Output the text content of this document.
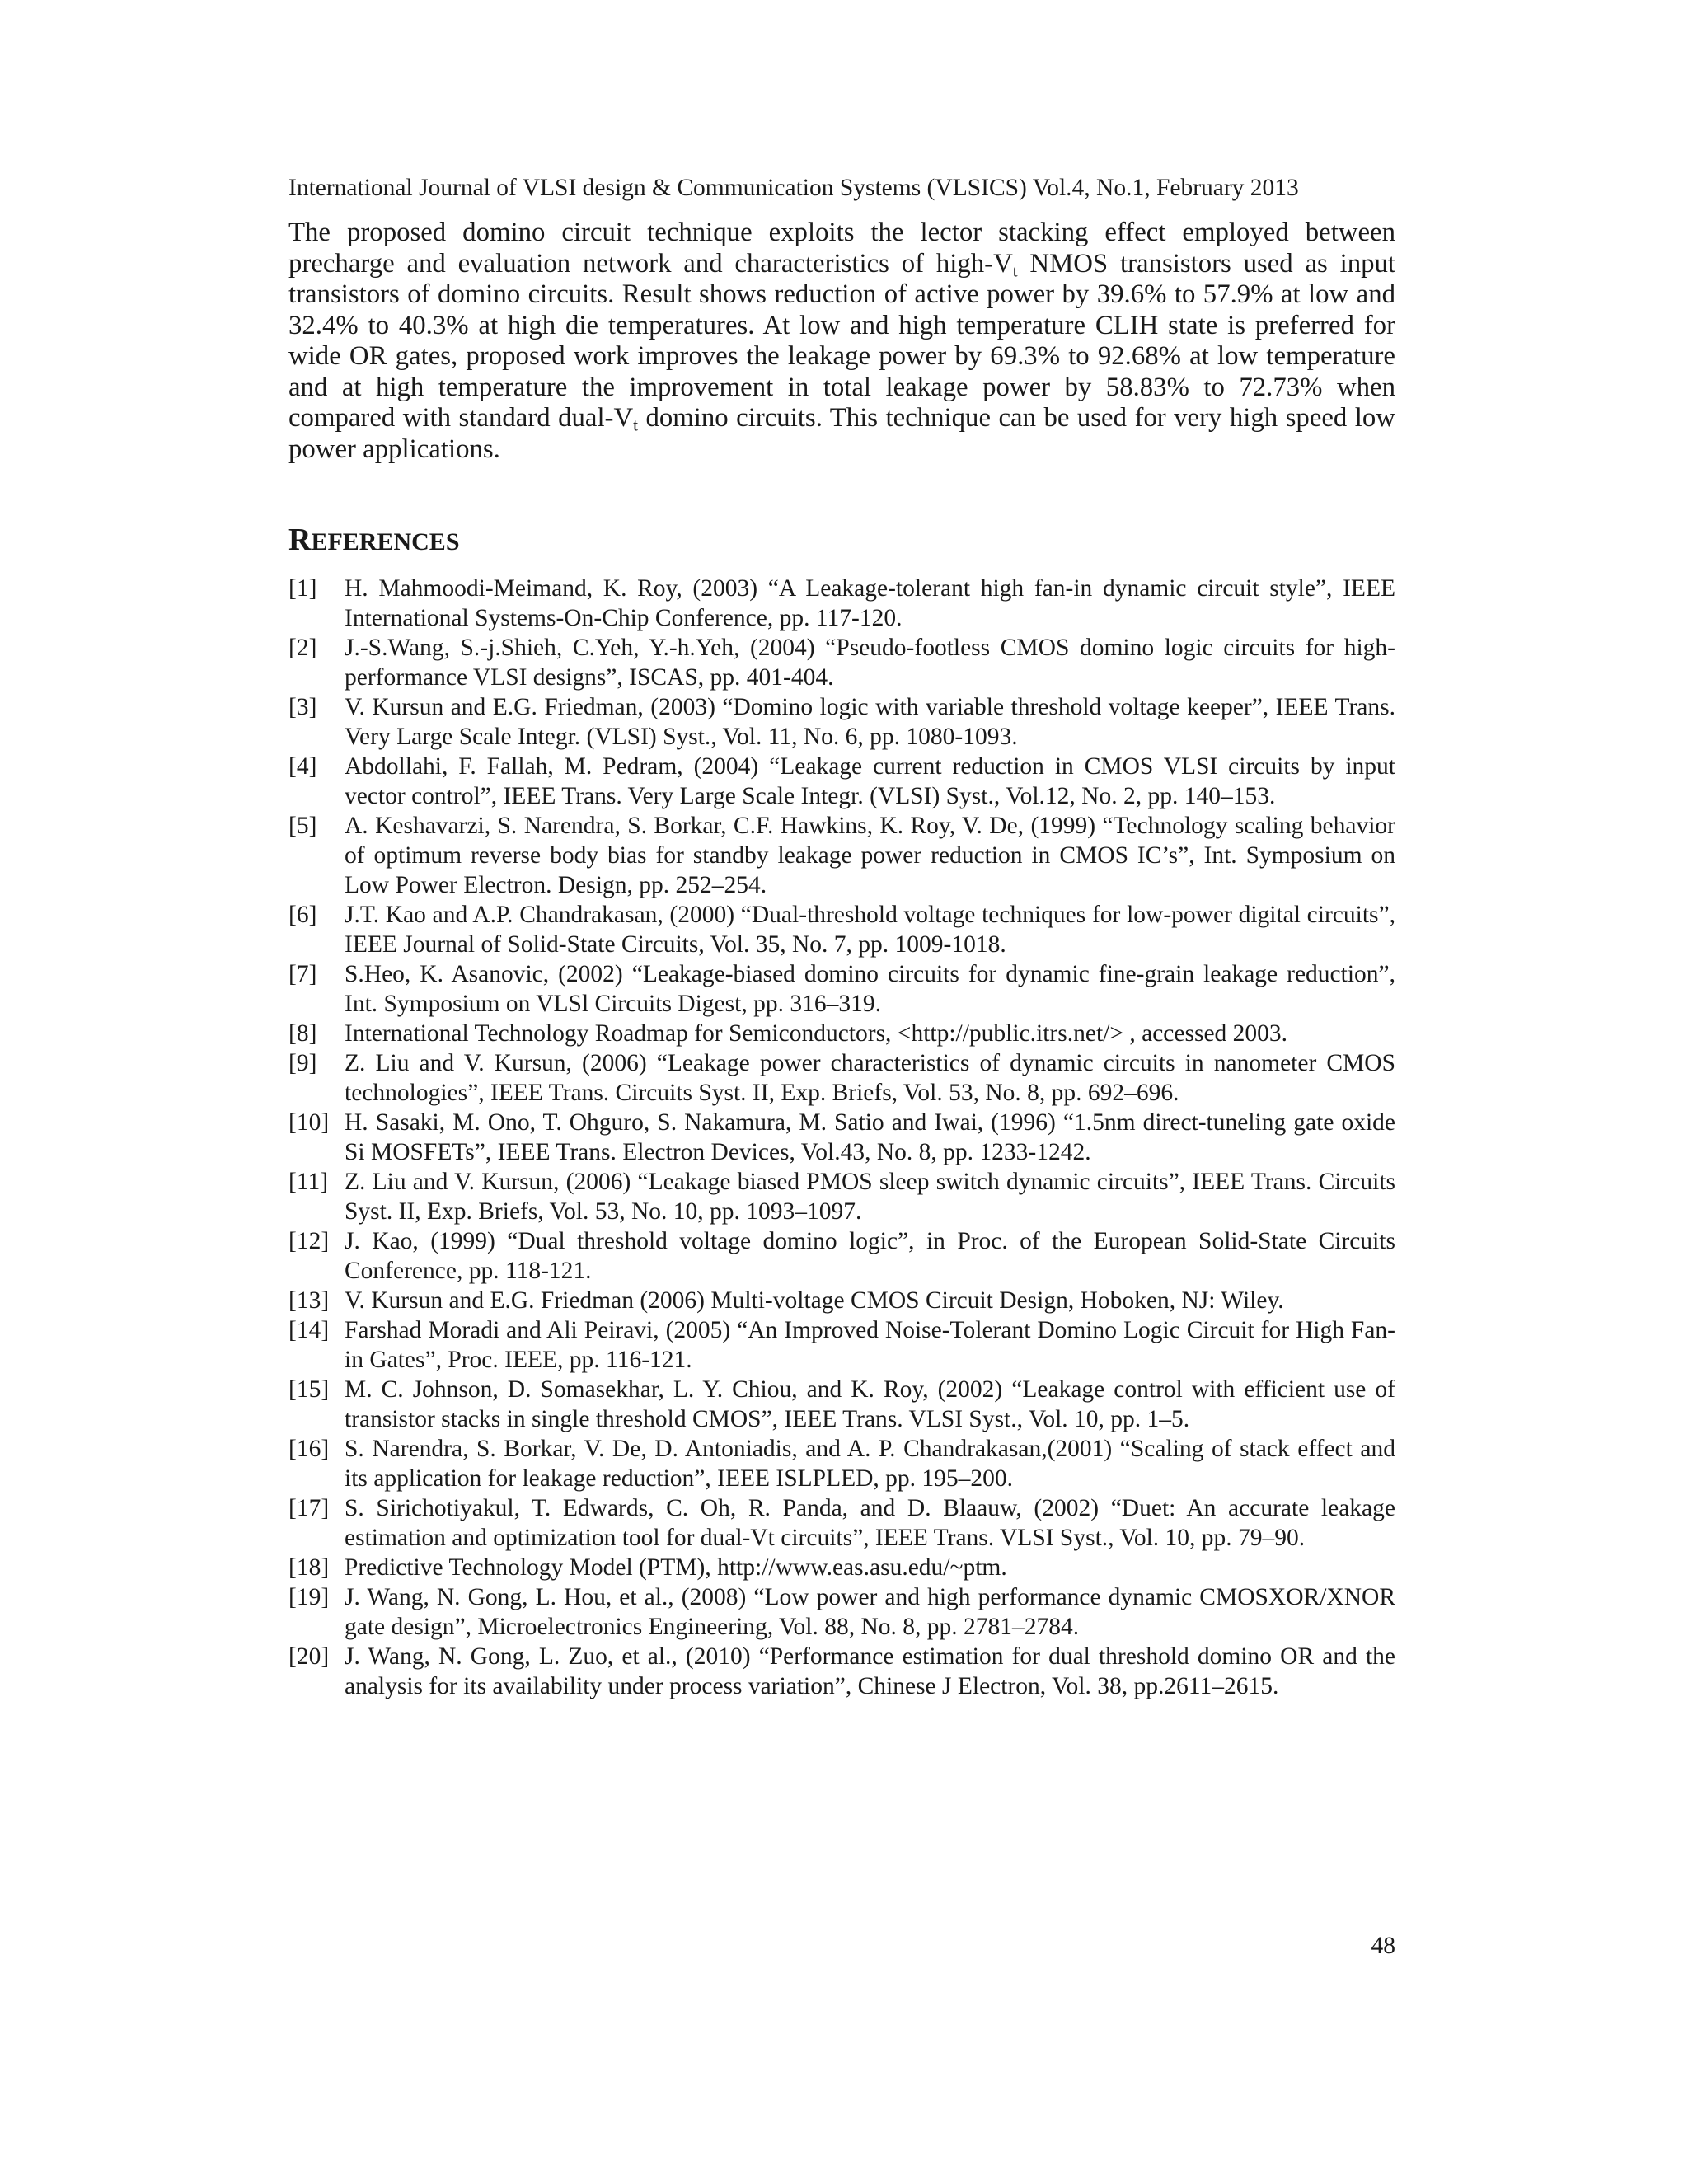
International Journal of VLSI design & Communication Systems (VLSICS) Vol.4, No.1, February 2013
The proposed domino circuit technique exploits the lector stacking effect employed between precharge and evaluation network and characteristics of high-$V_t$ NMOS transistors used as input transistors of domino circuits. Result shows reduction of active power by 39.6% to 57.9% at low and 32.4% to 40.3% at high die temperatures. At low and high temperature CLIH state is preferred for wide OR gates, proposed work improves the leakage power by 69.3% to 92.68% at low temperature and at high temperature the improvement in total leakage power by 58.83% to 72.73% when compared with standard dual-$V_t$ domino circuits. This technique can be used for very high speed low power applications.
REFERENCES
[1] H. Mahmoodi-Meimand, K. Roy, (2003) “A Leakage-tolerant high fan-in dynamic circuit style”, IEEE International Systems-On-Chip Conference, pp. 117-120.
[2] J.-S.Wang, S.-j.Shieh, C.Yeh, Y.-h.Yeh, (2004) “Pseudo-footless CMOS domino logic circuits for high-performance VLSI designs”, ISCAS, pp. 401-404.
[3] V. Kursun and E.G. Friedman, (2003) “Domino logic with variable threshold voltage keeper”, IEEE Trans. Very Large Scale Integr. (VLSI) Syst., Vol. 11, No. 6, pp. 1080-1093.
[4] Abdollahi, F. Fallah, M. Pedram, (2004) “Leakage current reduction in CMOS VLSI circuits by input vector control”, IEEE Trans. Very Large Scale Integr. (VLSI) Syst., Vol.12, No. 2, pp. 140–153.
[5] A. Keshavarzi, S. Narendra, S. Borkar, C.F. Hawkins, K. Roy, V. De, (1999) “Technology scaling behavior of optimum reverse body bias for standby leakage power reduction in CMOS IC’s”, Int. Symposium on Low Power Electron. Design, pp. 252–254.
[6] J.T. Kao and A.P. Chandrakasan, (2000) “Dual-threshold voltage techniques for low-power digital circuits”, IEEE Journal of Solid-State Circuits, Vol. 35, No. 7, pp. 1009-1018.
[7] S.Heo, K. Asanovic, (2002) “Leakage-biased domino circuits for dynamic fine-grain leakage reduction”, Int. Symposium on VLSl Circuits Digest, pp. 316–319.
[8] International Technology Roadmap for Semiconductors, <http://public.itrs.net/> , accessed 2003.
[9] Z. Liu and V. Kursun, (2006) “Leakage power characteristics of dynamic circuits in nanometer CMOS technologies”, IEEE Trans. Circuits Syst. II, Exp. Briefs, Vol. 53, No. 8, pp. 692–696.
[10] H. Sasaki, M. Ono, T. Ohguro, S. Nakamura, M. Satio and Iwai, (1996) “1.5nm direct-tuneling gate oxide Si MOSFETs”, IEEE Trans. Electron Devices, Vol.43, No. 8, pp. 1233-1242.
[11] Z. Liu and V. Kursun, (2006) “Leakage biased PMOS sleep switch dynamic circuits”, IEEE Trans. Circuits Syst. II, Exp. Briefs, Vol. 53, No. 10, pp. 1093–1097.
[12] J. Kao, (1999) “Dual threshold voltage domino logic”, in Proc. of the European Solid-State Circuits Conference, pp. 118-121.
[13] V. Kursun and E.G. Friedman (2006) Multi-voltage CMOS Circuit Design, Hoboken, NJ: Wiley.
[14] Farshad Moradi and Ali Peiravi, (2005) “An Improved Noise-Tolerant Domino Logic Circuit for High Fan-in Gates”, Proc. IEEE, pp. 116-121.
[15] M. C. Johnson, D. Somasekhar, L. Y. Chiou, and K. Roy, (2002) “Leakage control with efficient use of transistor stacks in single threshold CMOS”, IEEE Trans. VLSI Syst., Vol. 10, pp. 1–5.
[16] S. Narendra, S. Borkar, V. De, D. Antoniadis, and A. P. Chandrakasan,(2001) “Scaling of stack effect and its application for leakage reduction”, IEEE ISLPLED, pp. 195–200.
[17] S. Sirichotiyakul, T. Edwards, C. Oh, R. Panda, and D. Blaauw, (2002) “Duet: An accurate leakage estimation and optimization tool for dual-Vt circuits”, IEEE Trans. VLSI Syst., Vol. 10, pp. 79–90.
[18] Predictive Technology Model (PTM), http://www.eas.asu.edu/~ptm.
[19] J. Wang, N. Gong, L. Hou, et al., (2008) “Low power and high performance dynamic CMOSXOR/XNOR gate design”, Microelectronics Engineering, Vol. 88, No. 8, pp. 2781–2784.
[20] J. Wang, N. Gong, L. Zuo, et al., (2010) “Performance estimation for dual threshold domino OR and the analysis for its availability under process variation”, Chinese J Electron, Vol. 38, pp.2611–2615.
48
